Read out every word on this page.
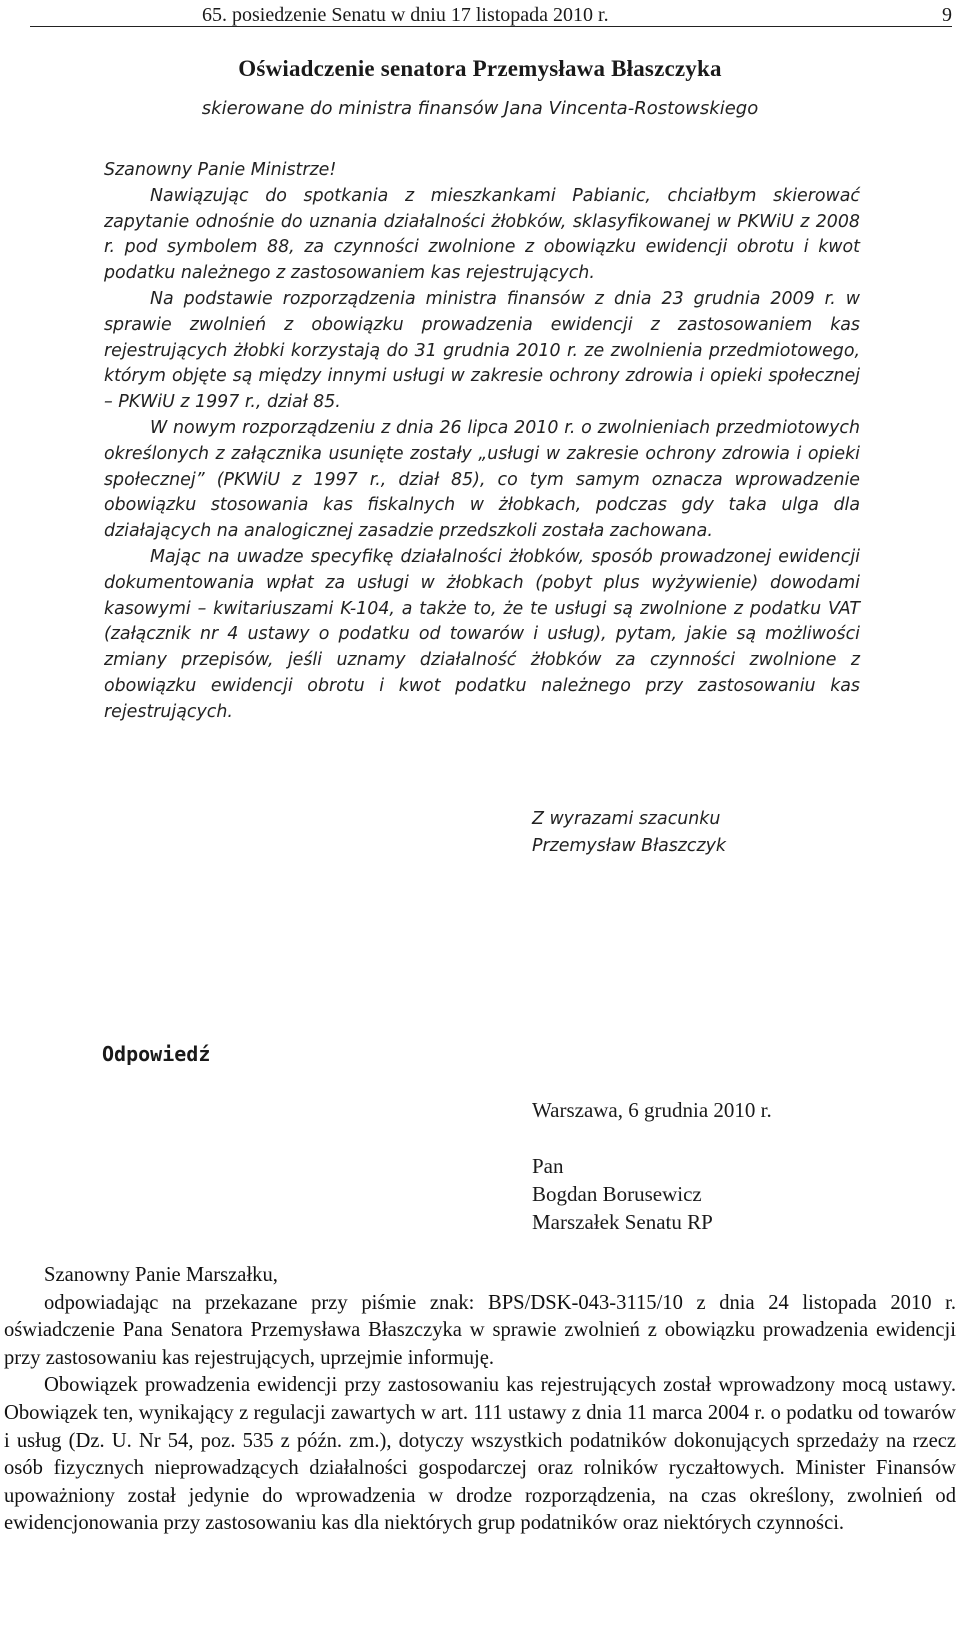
65. posiedzenie Senatu w dniu 17 listopada 2010 r.	9
Oświadczenie senatora Przemysława Błaszczyka
skierowane do ministra finansów Jana Vincenta-Rostowskiego

Szanowny Panie Ministrze!

Nawiązując do spotkania z mieszkankami Pabianic, chciałbym skierować zapytanie odnośnie do uznania działalności żłobków, sklasyfikowanej w PKWiU z 2008 r. pod symbolem 88, za czynności zwolnione z obowiązku ewidencji obrotu i kwot podatku należnego z zastosowaniem kas rejestrujących.

Na podstawie rozporządzenia ministra finansów z dnia 23 grudnia 2009 r. w sprawie zwolnień z obowiązku prowadzenia ewidencji z zastosowaniem kas rejestrujących żłobki korzystają do 31 grudnia 2010 r. ze zwolnienia przedmiotowego, którym objęte są między innymi usługi w zakresie ochrony zdrowia i opieki społecznej – PKWiU z 1997 r., dział 85.

W nowym rozporządzeniu z dnia 26 lipca 2010 r. o zwolnieniach przedmiotowych określonych z załącznika usunięte zostały „usługi w zakresie ochrony zdrowia i opieki społecznej” (PKWiU z 1997 r., dział 85), co tym samym oznacza wprowadzenie obowiązku stosowania kas fiskalnych w żłobkach, podczas gdy taka ulga dla działających na analogicznej zasadzie przedszkoli została zachowana.

Mając na uwadze specyfikę działalności żłobków, sposób prowadzonej ewidencji dokumentowania wpłat za usługi w żłobkach (pobyt plus wyżywienie) dowodami kasowymi – kwitariuszami K-104, a także to, że te usługi są zwolnione z podatku VAT (załącznik nr 4 ustawy o podatku od towarów i usług), pytam, jakie są możliwości zmiany przepisów, jeśli uznamy działalność żłobków za czynności zwolnione z obowiązku ewidencji obrotu i kwot podatku należnego przy zastosowaniu kas rejestrujących.

Z wyrazami szacunku
Przemysław Błaszczyk
Odpowiedź
Warszawa, 6 grudnia 2010 r.
Pan
Bogdan Borusewicz
Marszałek Senatu RP

Szanowny Panie Marszałku,

odpowiadając na przekazane przy piśmie znak: BPS/DSK-043-3115/10 z dnia 24 listopada 2010 r. oświadczenie Pana Senatora Przemysława Błaszczyka w sprawie zwolnień z obowiązku prowadzenia ewidencji przy zastosowaniu kas rejestrujących, uprzejmie informuję.

Obowiązek prowadzenia ewidencji przy zastosowaniu kas rejestrujących został wprowadzony mocą ustawy. Obowiązek ten, wynikający z regulacji zawartych w art. 111 ustawy z dnia 11 marca 2004 r. o podatku od towarów i usług (Dz. U. Nr 54, poz. 535 z późn. zm.), dotyczy wszystkich podatników dokonujących sprzedaży na rzecz osób fizycznych nieprowadzących działalności gospodarczej oraz rolników ryczałtowych. Minister Finansów upoważniony został jedynie do wprowadzenia w drodze rozporządzenia, na czas określony, zwolnień od ewidencjonowania przy zastosowaniu kas dla niektórych grup podatników oraz niektórych czynności.
